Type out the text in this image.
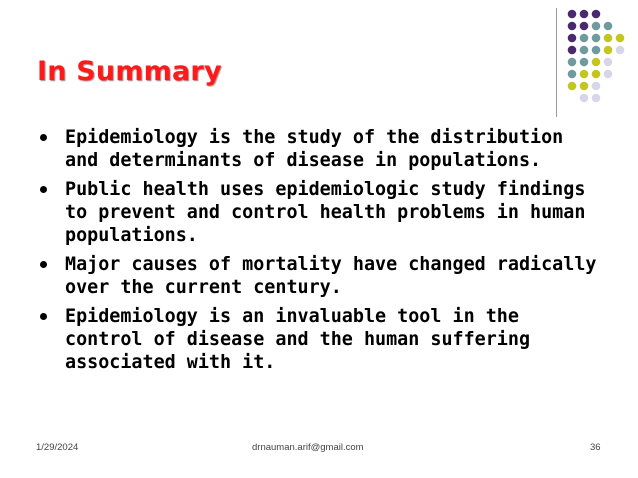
In Summary
Epidemiology is the study of the distribution and determinants of disease in populations.
Public health uses epidemiologic study findings to prevent and control health problems in human populations.
Major causes of mortality have changed radically over the current century.
Epidemiology is an invaluable tool in the control of disease and the human suffering associated with it.
1/29/2024	drnauman.arif@gmail.com	36
